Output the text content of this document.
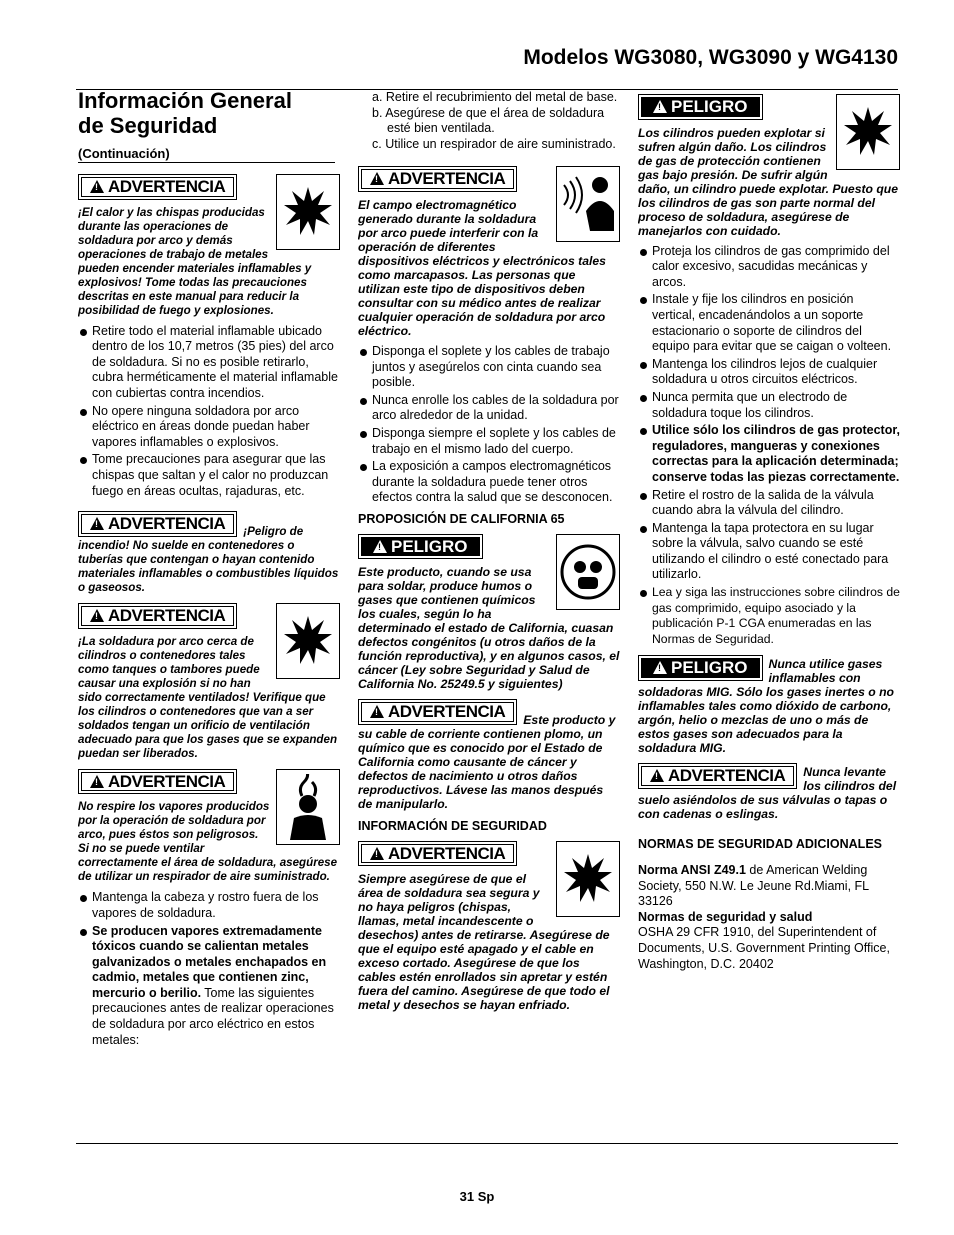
Modelos WG3080, WG3090 y WG4130
Información General
de Seguridad
(Continuación)
! ADVERTENCIA
¡El calor y las chispas producidas durante las operaciones de soldadura por arco y demás operaciones de trabajo de metales pueden encender materiales inflamables y explosivos! Tome todas las precauciones descritas en este manual para reducir la posibilidad de fuego y explosiones.
Retire todo el material inflamable ubicado dentro de los 10,7 metros (35 pies) del arco de soldadura. Si no es posible retirarlo, cubra herméticamente el material inflamable con cubiertas contra incendios.
No opere ninguna soldadora por arco eléctrico en áreas donde puedan haber vapores inflamables o explosivos.
Tome precauciones para asegurar que las chispas que saltan y el calor no produzcan fuego en áreas ocultas, rajaduras, etc.
! ADVERTENCIA	¡Peligro de incendio! No suelde en contenedores o tuberías que contengan o hayan contenido materiales inflamables o combustibles líquidos o gaseosos.
! ADVERTENCIA
¡La soldadura por arco cerca de cilindros o contenedores tales como tanques o tambores puede causar una explosión si no han sido correctamente ventilados! Verifique que los cilindros o contenedores que van a ser soldados tengan un orificio de ventilación adecuado para que los gases que se expanden puedan ser liberados.
! ADVERTENCIA
No respire los vapores producidos por la operación de soldadura por arco, pues éstos son peligrosos. Si no se puede ventilar correctamente el área de soldadura, asegúrese de utilizar un respirador de aire suministrado.
Mantenga la cabeza y rostro fuera de los vapores de soldadura.
Se producen vapores extremadamente tóxicos cuando se calientan metales galvanizados o metales enchapados en cadmio, metales que contienen zinc, mercurio o berilio. Tome las siguientes precauciones antes de realizar operaciones de soldadura por arco eléctrico en estos metales:
a. Retire el recubrimiento del metal de base.
b. Asegúrese de que el área de soldadura esté bien ventilada.
c. Utilice un respirador de aire suministrado.
! ADVERTENCIA
El campo electromagnético generado durante la soldadura por arco puede interferir con la operación de diferentes dispositivos eléctricos y electrónicos tales como marcapasos. Las personas que utilizan este tipo de dispositivos deben consultar con su médico antes de realizar cualquier operación de soldadura por arco eléctrico.
Disponga el soplete y los cables de trabajo juntos y asegúrelos con cinta cuando sea posible.
Nunca enrolle los cables de la soldadura por arco alrededor de la unidad.
Disponga siempre el soplete y los cables de trabajo en el mismo lado del cuerpo.
La exposición a campos electromagnéticos durante la soldadura puede tener otros efectos contra la salud que se desconocen.
PROPOSICIÓN DE CALIFORNIA 65
! PELIGRO
Este producto, cuando se usa para soldar, produce humos o gases que contienen químicos los cuales, según lo ha determinado el estado de California, cuasan defectos congénitos (u otros daños de la función reproductiva), y en algunos casos, el cáncer (Ley sobre Seguridad y Salud de California No. 25249.5 y siguientes)
! ADVERTENCIA	Este producto y su cable de corriente contienen plomo, un químico que es conocido por el Estado de California como causante de cáncer y defectos de nacimiento u otros daños reproductivos. Lávese las manos después de manipularlo.
INFORMACIÓN DE SEGURIDAD
! ADVERTENCIA
Siempre asegúrese de que el área de soldadura sea segura y no haya peligros (chispas, llamas, metal incandescente o desechos) antes de retirarse. Asegúrese de que el equipo esté apagado y el cable en exceso cortado. Asegúrese de que los cables estén enrollados sin apretar y estén fuera del camino. Asegúrese de que todo el metal y desechos se hayan enfriado.
! PELIGRO
Los cilindros pueden explotar si sufren algún daño. Los cilindros de gas de protección contienen gas bajo presión. De sufrir algún daño, un cilindro puede explotar. Puesto que los cilindros de gas son parte normal del proceso de soldadura, asegúrese de manejarlos con cuidado.
Proteja los cilindros de gas comprimido del calor excesivo, sacudidas mecánicas y arcos.
Instale y fije los cilindros en posición vertical, encadenándolos a un soporte estacionario o soporte de cilindros del equipo para evitar que se caigan o volteen.
Mantenga los cilindros lejos de cualquier soldadura u otros circuitos eléctricos.
Nunca permita que un electrodo de soldadura toque los cilindros.
Utilice sólo los cilindros de gas protector, reguladores, mangueras y conexiones correctas para la aplicación determinada; conserve todas las piezas correctamente.
Retire el rostro de la salida de la válvula cuando abra la válvula del cilindro.
Mantenga la tapa protectora en su lugar sobre la válvula, salvo cuando se esté utilizando el cilindro o esté conectado para utilizarlo.
Lea y siga las instrucciones sobre cilindros de gas comprimido, equipo asociado y la publicación P-1 CGA enumeradas en las Normas de Seguridad.
! PELIGRO	Nunca utilice gases inflamables con soldadoras MIG. Sólo los gases inertes o no inflamables tales como dióxido de carbono, argón, helio o mezclas de uno o más de estos gases son adecuados para la soldadura MIG.
! ADVERTENCIA	Nunca levante los cilindros del suelo asiéndolos de sus válvulas o tapas o con cadenas o eslingas.
NORMAS DE SEGURIDAD ADICIONALES

Norma ANSI Z49.1 de American Welding Society, 550 N.W. Le Jeune Rd.Miami, FL 33126

Normas de seguridad y salud

OSHA 29 CFR 1910, del Superintendent of Documents, U.S. Government Printing Office, Washington, D.C. 20402

31 Sp
